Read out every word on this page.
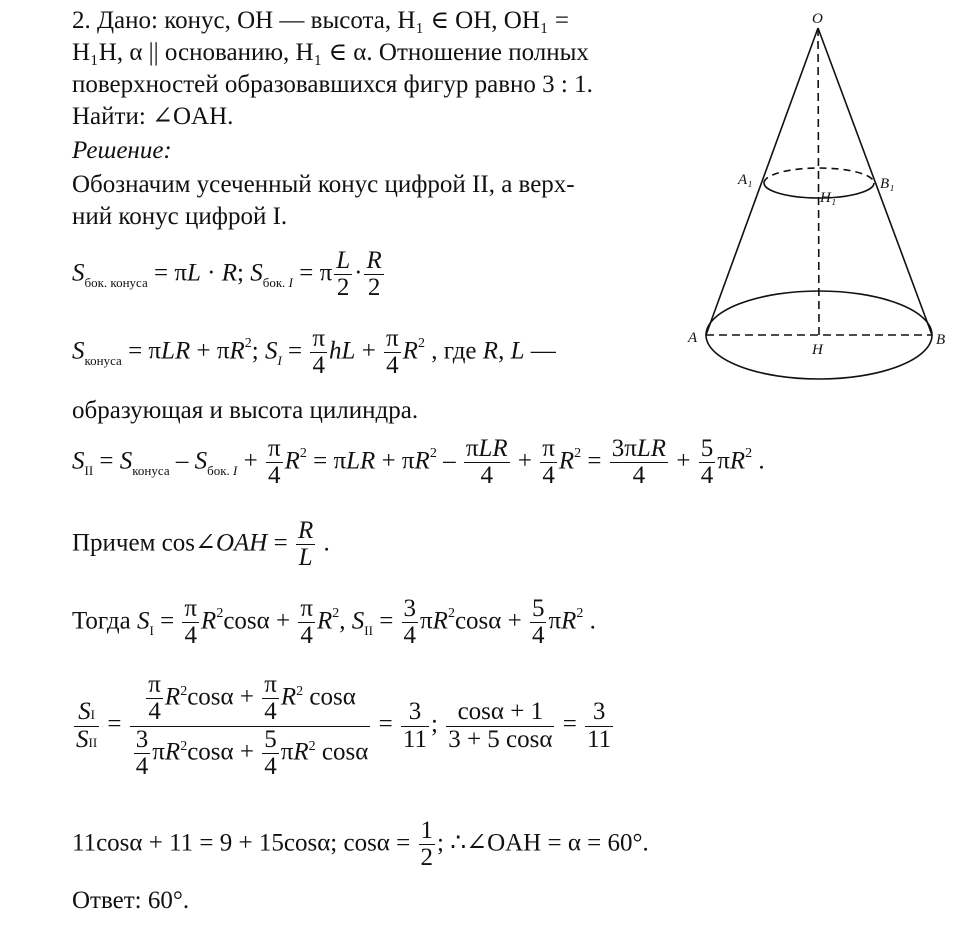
2. Дано: конус, OH — высота, H₁ ∈ OH, OH₁ =
H₁H, α || основанию, H₁ ∈ α. Отношение полных
поверхностей образовавшихся фигур равно 3 : 1.
Найти: ∠OAH.
Решение:
Обозначим усеченный конус цифрой II, а верх-
ний конус цифрой I.
$S_{бок. конуса} = \pi L \cdot R$; $S_{бок. I} = \pi \frac{L}{2} \cdot \frac{R}{2}$
$S_{конуса} = \pi LR + \pi R^2$; $S_I = \frac{\pi}{4}$ hL + $\frac{\pi}{4} R^2$ , где R, L —
образующая и высота цилиндра.
$S_{II} = S_{конуса} - S_{бок. I} + \frac{\pi}{4} R^2 = \pi LR + \pi R^2 - \frac{\text{πLR}}{4} + \frac{\pi}{4} R^2 = \frac{\text{3πLR}}{4} + \frac{5}{4} \pi R^2$ .
Причем cos∠OAH = $\frac{R}{L}$ .
Тогда $S_I = \frac{\pi}{4} R^2\cos\alpha + \frac{\pi}{4} R^2$, $S_{II} = \frac{3}{4} \pi R^2\cos\alpha + \frac{5}{4} \pi R^2$ .
$\frac{SI}{\text{SII}} = \frac{\frac{\pi}{4} R^2\cos\alpha + \frac{\pi}{4} R^2 \cos\alpha}{\frac{3}{4} \pi R^2\cos\alpha + \frac{5}{4} \pi R^2 \cos\alpha} = \frac{3}{11}$ ; $\frac{\cos\alpha + 1}{3 + 5 \cos\alpha} = \frac{3}{11}$
11cosα + 11 = 9 + 15cosα; $\cos\alpha = \frac{1}{2}$ ; ∴∠OAH = α = 60°.
Ответ: 60°.
O
A₁	B₁
H₁
A	B
H
